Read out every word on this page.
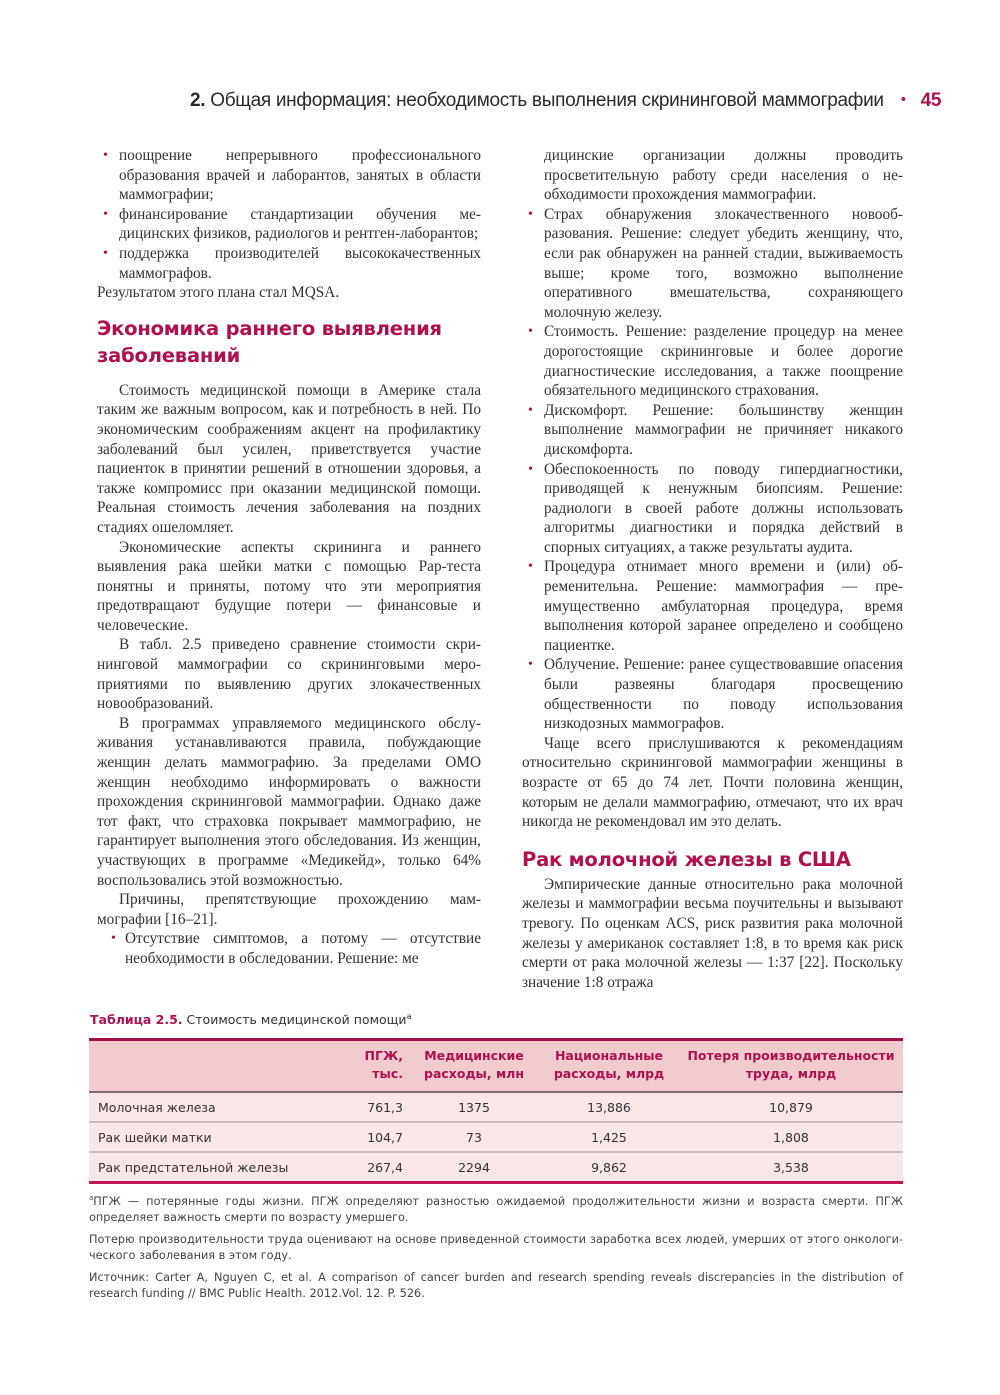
2. Общая информация: необходимость выполнения скрининговой маммографии • 45
• поощрение непрерывного профессионального образования врачей и лаборантов, занятых в области маммографии;
• финансирование стандартизации обучения медицинских физиков, радиологов и рентген-лаборантов;
• поддержка производителей высококачественных маммографов.

Результатом этого плана стал MQSA.

Экономика раннего выявления заболеваний

Стоимость медицинской помощи в Америке стала таким же важным вопросом, как и потребность в ней. По экономическим соображениям акцент на профилактику заболеваний был усилен, приветствуется участие пациенток в принятии решений в отношении здоровья, а также компромисс при оказании медицинской помощи. Реальная стоимость лечения заболевания на поздних стадиях ошеломляет.

Экономические аспекты скрининга и раннего выявления рака шейки матки с помощью Pap-теста понятны и приняты, потому что эти мероприятия предотвращают будущие потери — финансовые и человеческие.

В табл. 2.5 приведено сравнение стоимости скрининговой маммографии со скрининговыми мероприятиями по выявлению других злокачественных новообразований.

В программах управляемого медицинского обслуживания устанавливаются правила, побуждающие женщин делать маммографию. За пределами ОМО женщин необходимо информировать о важности прохождения скрининговой маммографии. Однако даже тот факт, что страховка покрывает маммографию, не гарантирует выполнения этого обследования. Из женщин, участвующих в программе «Медикейд», только 64% воспользовались этой возможностью.

Причины, препятствующие прохождению маммографии [16–21].

• Отсутствие симптомов, а потому — отсутствие необходимости в обследовании. Решение: ме

дицинские организации должны проводить просветительную работу среди населения о необходимости прохождения маммографии.

• Страх обнаружения злокачественного новообразования. Решение: следует убедить женщину, что, если рак обнаружен на ранней стадии, выживаемость выше; кроме того, возможно выполнение оперативного вмешательства, сохраняющего молочную железу.
• Стоимость. Решение: разделение процедур на менее дорогостоящие скрининговые и более дорогие диагностические исследования, а также поощрение обязательного медицинского страхования.
• Дискомфорт. Решение: большинству женщин выполнение маммографии не причиняет никакого дискомфорта.
• Обеспокоенность по поводу гипердиагностики, приводящей к ненужным биопсиям. Решение: радиологи в своей работе должны использовать алгоритмы диагностики и порядка действий в спорных ситуациях, а также результаты аудита.
• Процедура отнимает много времени и (или) обременительна. Решение: маммография — преимущественно амбулаторная процедура, время выполнения которой заранее определено и сообщено пациентке.
• Облучение. Решение: ранее существовавшие опасения были развеяны благодаря просвещению общественности по поводу использования низкодозных маммографов.

Чаще всего прислушиваются к рекомендациям относительно скрининговой маммографии женщины в возрасте от 65 до 74 лет. Почти половина женщин, которым не делали маммографию, отмечают, что их врач никогда не рекомендовал им это делать.

Рак молочной железы в США

Эмпирические данные относительно рака молочной железы и маммографии весьма поучительны и вызывают тревогу. По оценкам ACS, риск развития рака молочной железы у американок составляет 1:8, в то время как риск смерти от рака молочной железы — 1:37 [22]. Поскольку значение 1:8 отража

Таблица 2.5. Стоимость медицинской помощи$^a$
	ПГЖ, тыс.	Медицинские расходы, млн	Национальные расходы, млрд	Потеря производительности труда, млрд
Молочная железа	761,3	1375	13,886	10,879
Рак шейки матки	104,7	73	1,425	1,808
Рак предстательной железы	267,4	2294	9,862	3,538

$^a$ПГЖ — потерянные годы жизни. ПГЖ определяют разностью ожидаемой продолжительности жизни и возраста смерти. ПГЖ определяет важность смерти по возрасту умершего.

Потерю производительности труда оценивают на основе приведенной стоимости заработка всех людей, умерших от этого онкологического заболевания в этом году.

Источник: Carter A, Nguyen C, et al. A comparison of cancer burden and research spending reveals discrepancies in the distribution of research funding // BMC Public Health. 2012.Vol. 12. P. 526.
